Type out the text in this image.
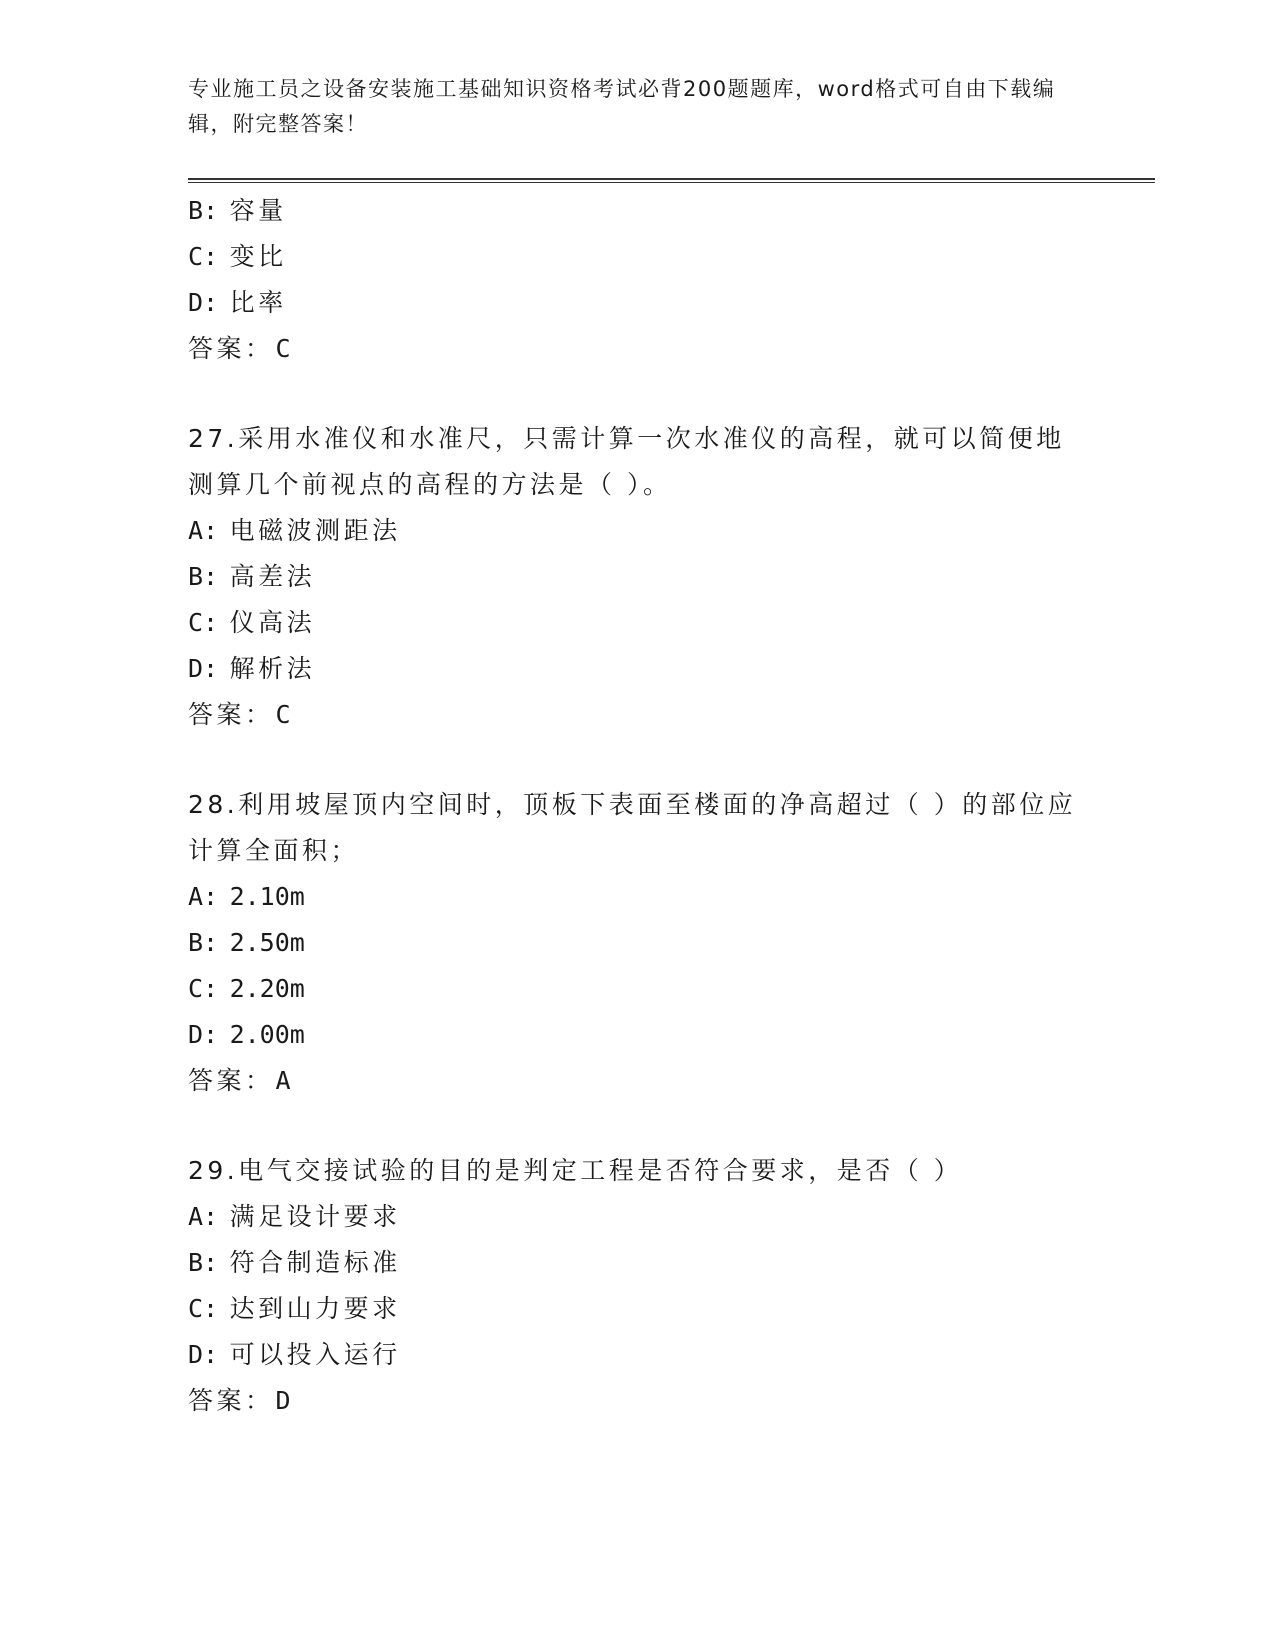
专业施工员之设备安装施工基础知识资格考试必背200题题库，word格式可自由下载编辑，附完整答案！
B: 容量
C: 变比
D: 比率
答案：C
27.采用水准仪和水准尺，只需计算一次水准仪的高程，就可以简便地测算几个前视点的高程的方法是（ ）。
A: 电磁波测距法
B: 高差法
C: 仪高法
D: 解析法
答案：C
28.利用坡屋顶内空间时，顶板下表面至楼面的净高超过（ ）的部位应计算全面积；
A: 2.10m
B: 2.50m
C: 2.20m
D: 2.00m
答案：A
29.电气交接试验的目的是判定工程是否符合要求，是否（ ）
A: 满足设计要求
B: 符合制造标准
C: 达到山力要求
D: 可以投入运行
答案：D
